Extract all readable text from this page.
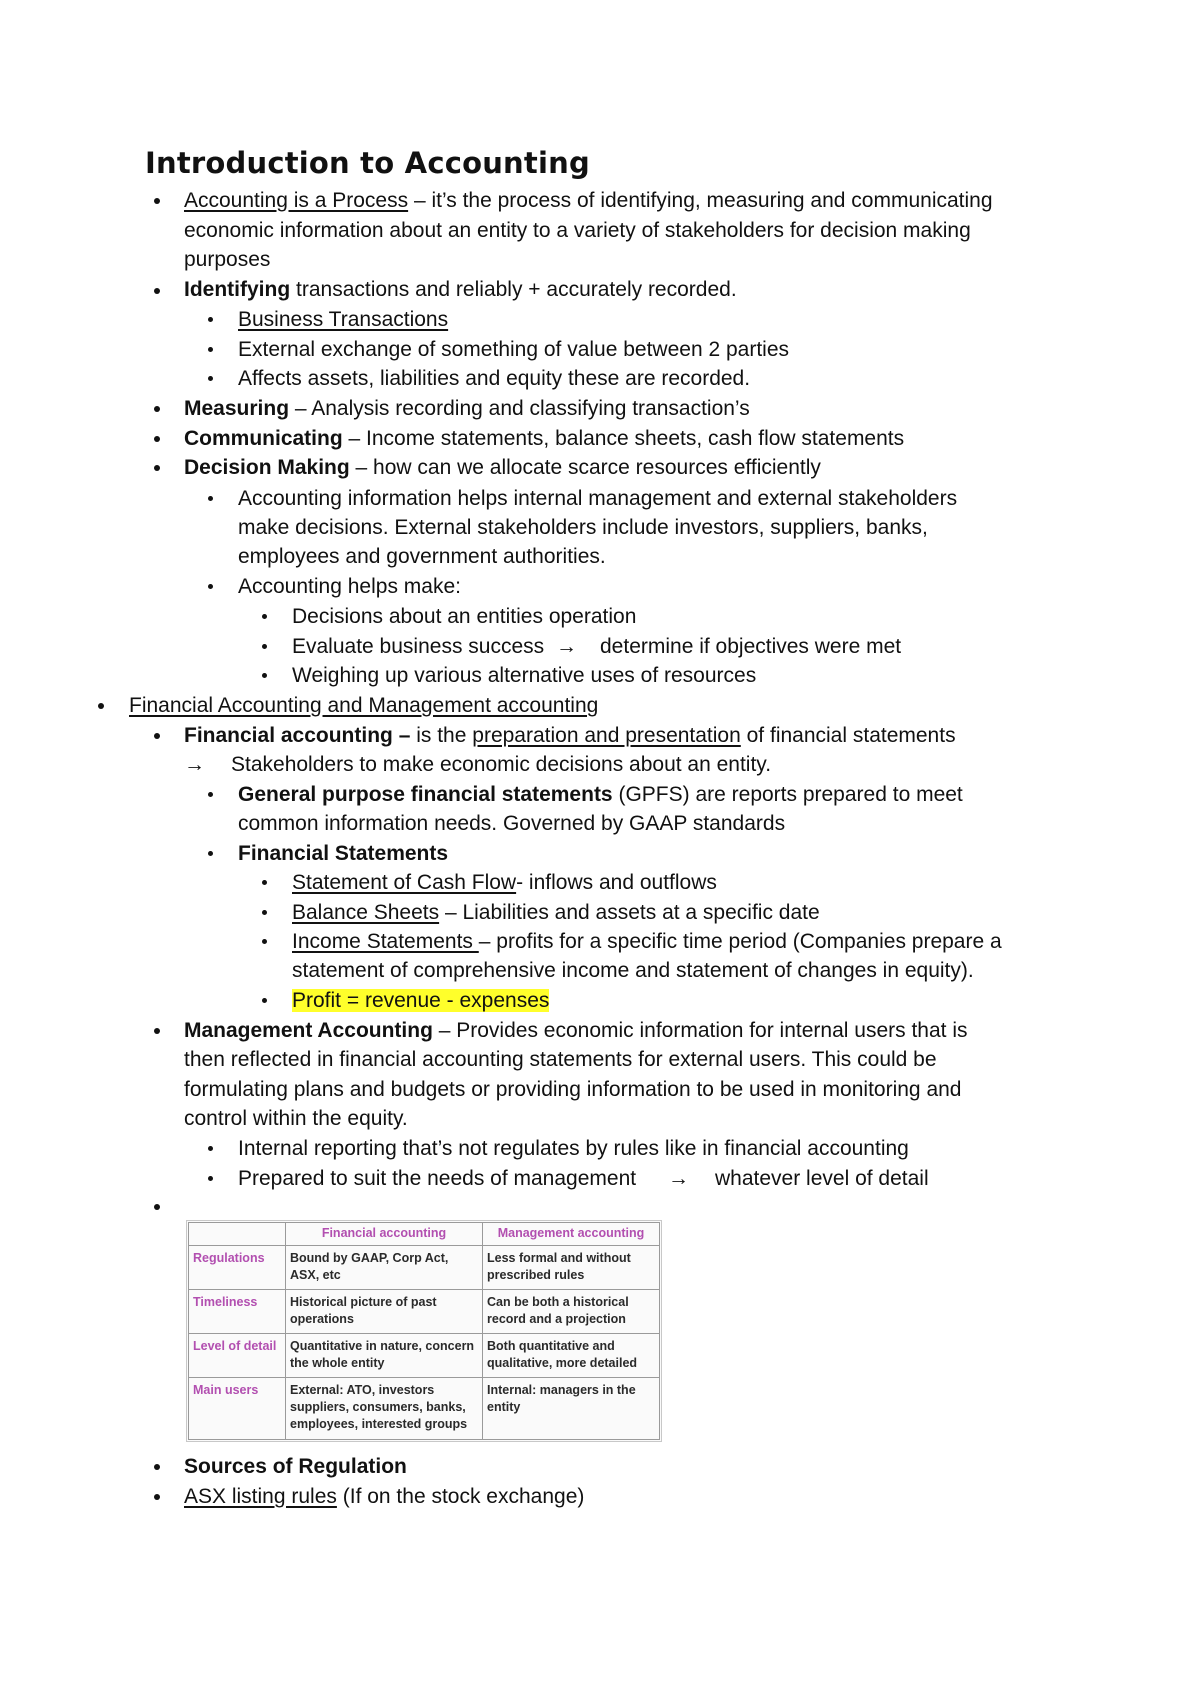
Introduction to Accounting
Accounting is a Process – it’s the process of identifying, measuring and communicating
economic information about an entity to a variety of stakeholders for decision making
purposes
Identifying transactions and reliably + accurately recorded.
Business Transactions
External exchange of something of value between 2 parties
Affects assets, liabilities and equity these are recorded.
Measuring – Analysis recording and classifying transaction’s
Communicating – Income statements, balance sheets, cash flow statements
Decision Making – how can we allocate scarce resources efficiently
Accounting information helps internal management and external stakeholders
make decisions. External stakeholders include investors, suppliers, banks,
employees and government authorities.
Accounting helps make:
Decisions about an entities operation
Evaluate business success → determine if objectives were met
Weighing up various alternative uses of resources
Financial Accounting and Management accounting
Financial accounting – is the preparation and presentation of financial statements
→ Stakeholders to make economic decisions about an entity.
General purpose financial statements (GPFS) are reports prepared to meet
common information needs. Governed by GAAP standards
Financial Statements
Statement of Cash Flow- inflows and outflows
Balance Sheets – Liabilities and assets at a specific date
Income Statements – profits for a specific time period (Companies prepare a
statement of comprehensive income and statement of changes in equity).
Profit = revenue - expenses
Management Accounting – Provides economic information for internal users that is
then reflected in financial accounting statements for external users. This could be
formulating plans and budgets or providing information to be used in monitoring and
control within the equity.
Internal reporting that’s not regulates by rules like in financial accounting
Prepared to suit the needs of management → whatever level of detail
	Financial accounting	Management accounting
Regulations	Bound by GAAP, Corp Act, ASX, etc	Less formal and without prescribed rules
Timeliness	Historical picture of past operations	Can be both a historical record and a projection
Level of detail	Quantitative in nature, concern the whole entity	Both quantitative and qualitative, more detailed
Main users	External: ATO, investors suppliers, consumers, banks, employees, interested groups	Internal: managers in the entity
Sources of Regulation
ASX listing rules (If on the stock exchange)
